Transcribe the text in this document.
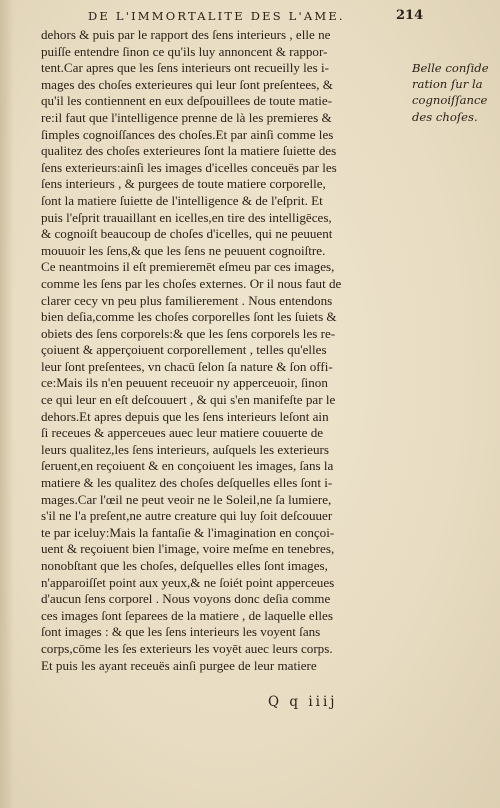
DE L'IMMORTALITE DES L'AME.	214
dehors & puis par le rapport des ſens interieurs , elle ne
puiſſe entendre ſinon ce qu'ils luy annoncent & rappor-
tent.Car apres que les ſens interieurs ont recueilly les i-
mages des choſes exterieures qui leur ſont preſentees, &
qu'il les contiennent en eux deſpouillees de toute matie-
re:il faut que l'intelligence prenne de là les premieres &
ſimples cognoiſſances des choſes.Et par ainſi comme les
qualitez des choſes exterieures ſont la matiere ſuiette des
ſens exterieurs:ainſi les images d'icelles conceuës par les
ſens interieurs , & purgees de toute matiere corporelle,
ſont la matiere ſuiette de l'intelligence & de l'eſprit. Et
puis l'eſprit trauaillant en icelles,en tire des intelligēces,
& cognoiſt beaucoup de choſes d'icelles, qui ne peuuent
mouuoir les ſens,& que les ſens ne peuuent cognoiſtre.
Ce neantmoins il eſt premieremēt eſmeu par ces images,
comme les ſens par les choſes externes. Or il nous faut de
clarer cecy vn peu plus familierement . Nous entendons
bien deſia,comme les choſes corporelles ſont les ſuiets &
obiets des ſens corporels:& que les ſens corporels les re-
çoiuent & apperçoiuent corporellement , telles qu'elles
leur ſont preſentees, vn chacū ſelon ſa nature & ſon offi-
ce:Mais ils n'en peuuent receuoir ny apperceuoir, ſinon
ce qui leur en eſt deſcouuert , & qui s'en manifeſte par le
dehors.Et apres depuis que les ſens interieurs leſont ain
ſi receues & apperceues auec leur matiere couuerte de
leurs qualitez,les ſens interieurs, auſquels les exterieurs
ſeruent,en reçoiuent & en conçoiuent les images, ſans la
matiere & les qualitez des choſes deſquelles elles ſont i-
mages.Car l'œil ne peut veoir ne le Soleil,ne ſa lumiere,
s'il ne l'a preſent,ne autre creature qui luy ſoit deſcouuer
te par iceluy:Mais la fantaſie & l'imagination en conçoi-
uent & reçoiuent bien l'image, voire meſme en tenebres,
nonobſtant que les choſes, deſquelles elles ſont images,
n'apparoiſſet point aux yeux,& ne ſoiét point apperceues
d'aucun ſens corporel . Nous voyons donc deſia comme
ces images ſont ſeparees de la matiere , de laquelle elles
ſont images : & que les ſens interieurs les voyent ſans
corps,cōme les ſes exterieurs les voyēt auec leurs corps.
Et puis les ayant receuës ainſi purgee de leur matiere
Belle conſide
ration ſur la
cognoiſſance
des choſes.
Q q iiij
